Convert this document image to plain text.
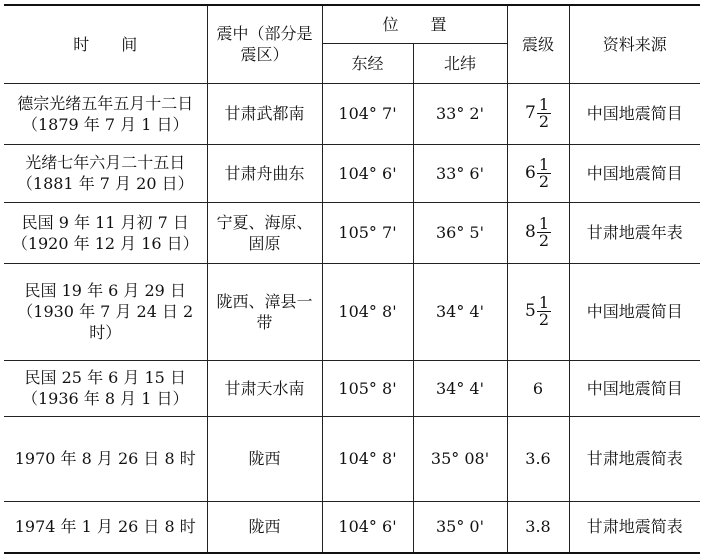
时　　间	震中（部分是震区）	位　　置		震级	资料来源
		东经	北纬		

德宗光绪五年五月十二日
（1879 年 7 月 1 日）	甘肃武都南	104° 7'	33° 2'	$7 \frac{1}{2}$	中国地震简目

光绪七年六月二十五日
（1881 年 7 月 20 日）	甘肃舟曲东	104° 6'	33° 6'	$6 \frac{1}{2}$	中国地震简目

民国 9 年 11 月初 7 日
（1920 年 12 月 16 日）	宁夏、海原、固原	105° 7'	36° 5'	$8 \frac{1}{2}$	甘肃地震年表

民国 19 年 6 月 29 日
（1930 年 7 月 24 日 2 时）	陇西、漳县一带	104° 8'	34° 4'	$5 \frac{1}{2}$	中国地震简目

民国 25 年 6 月 15 日
（1936 年 8 月 1 日）	甘肃天水南	105° 8'	34° 4'	6	中国地震简目

1970 年 8 月 26 日 8 时	陇西	104° 8'	35° 08'	3.6	甘肃地震简表

1974 年 1 月 26 日 8 时	陇西	104° 6'	35° 0'	3.8	甘肃地震简表
